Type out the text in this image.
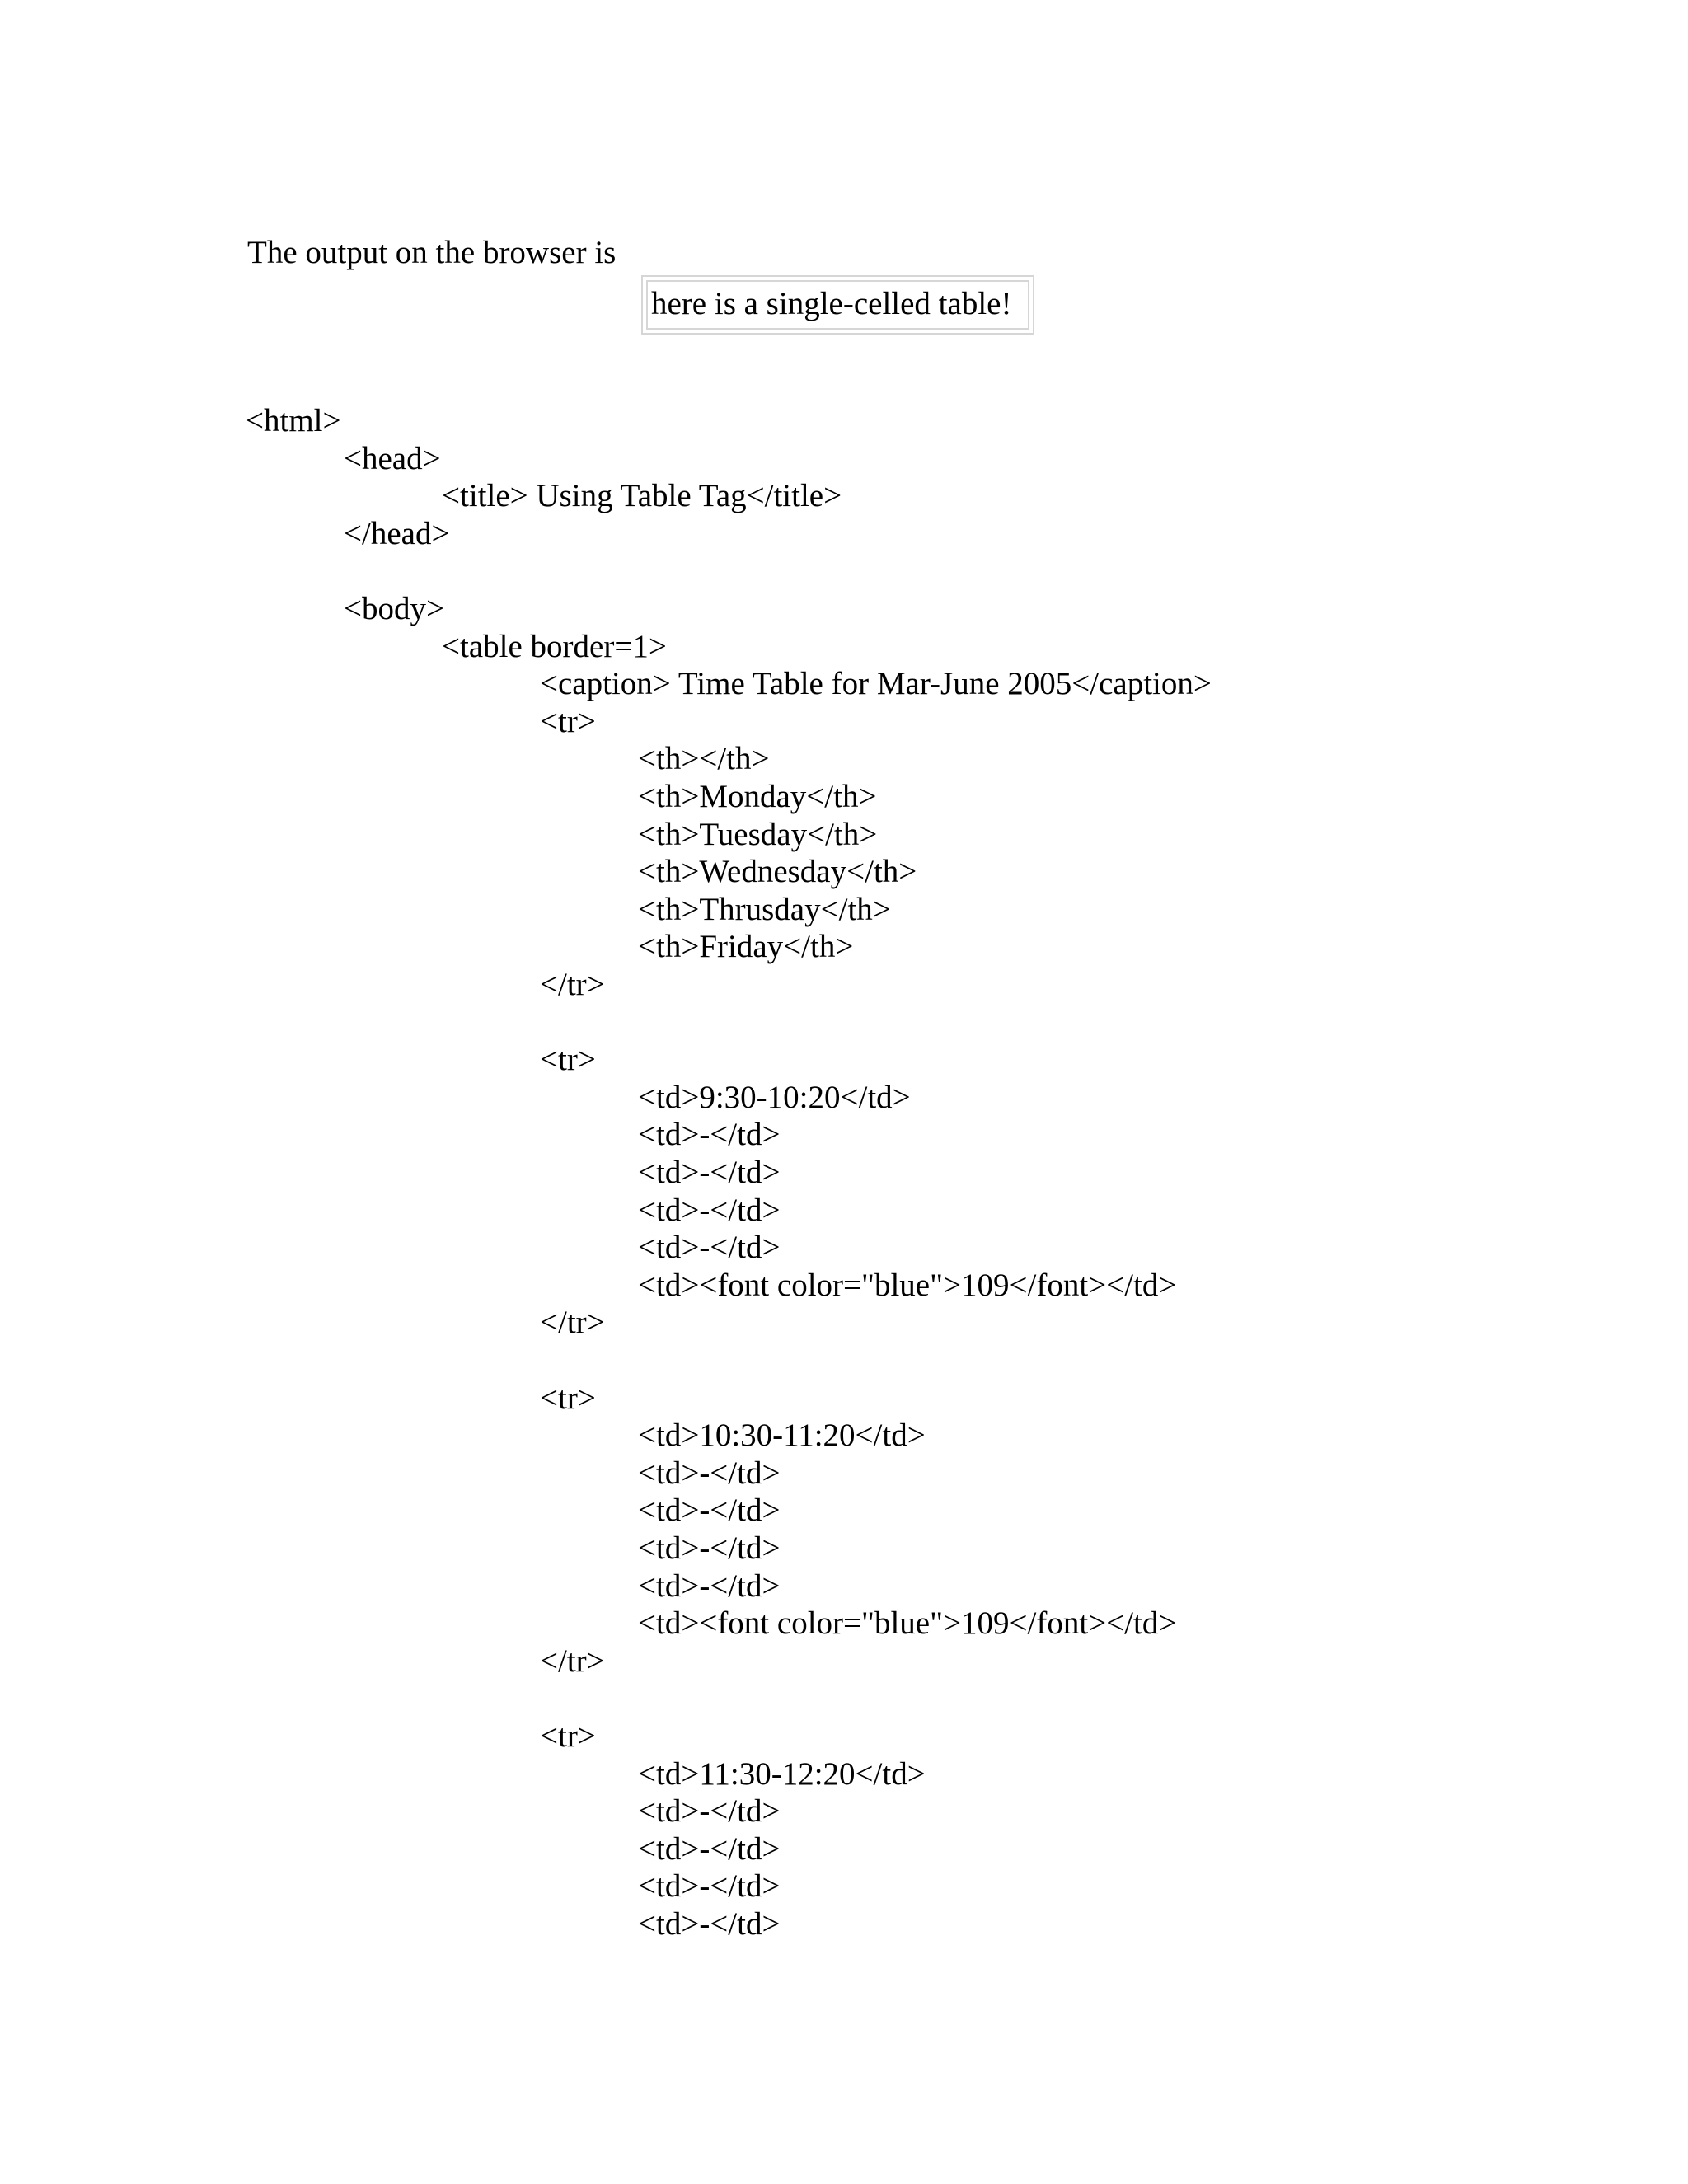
The output on the browser is
here is a single-celled table!
<html>
<head>
<title> Using Table Tag</title>
</head>
<body>
<table border=1>
<caption> Time Table for Mar-June 2005</caption>
<tr>
<th></th>
<th>Monday</th>
<th>Tuesday</th>
<th>Wednesday</th>
<th>Thrusday</th>
<th>Friday</th>
</tr>
<tr>
<td>9:30-10:20</td>
<td>-</td>
<td>-</td>
<td>-</td>
<td>-</td>
<td><font color="blue">109</font></td>
</tr>
<tr>
<td>10:30-11:20</td>
<td>-</td>
<td>-</td>
<td>-</td>
<td>-</td>
<td><font color="blue">109</font></td>
</tr>
<tr>
<td>11:30-12:20</td>
<td>-</td>
<td>-</td>
<td>-</td>
<td>-</td>
